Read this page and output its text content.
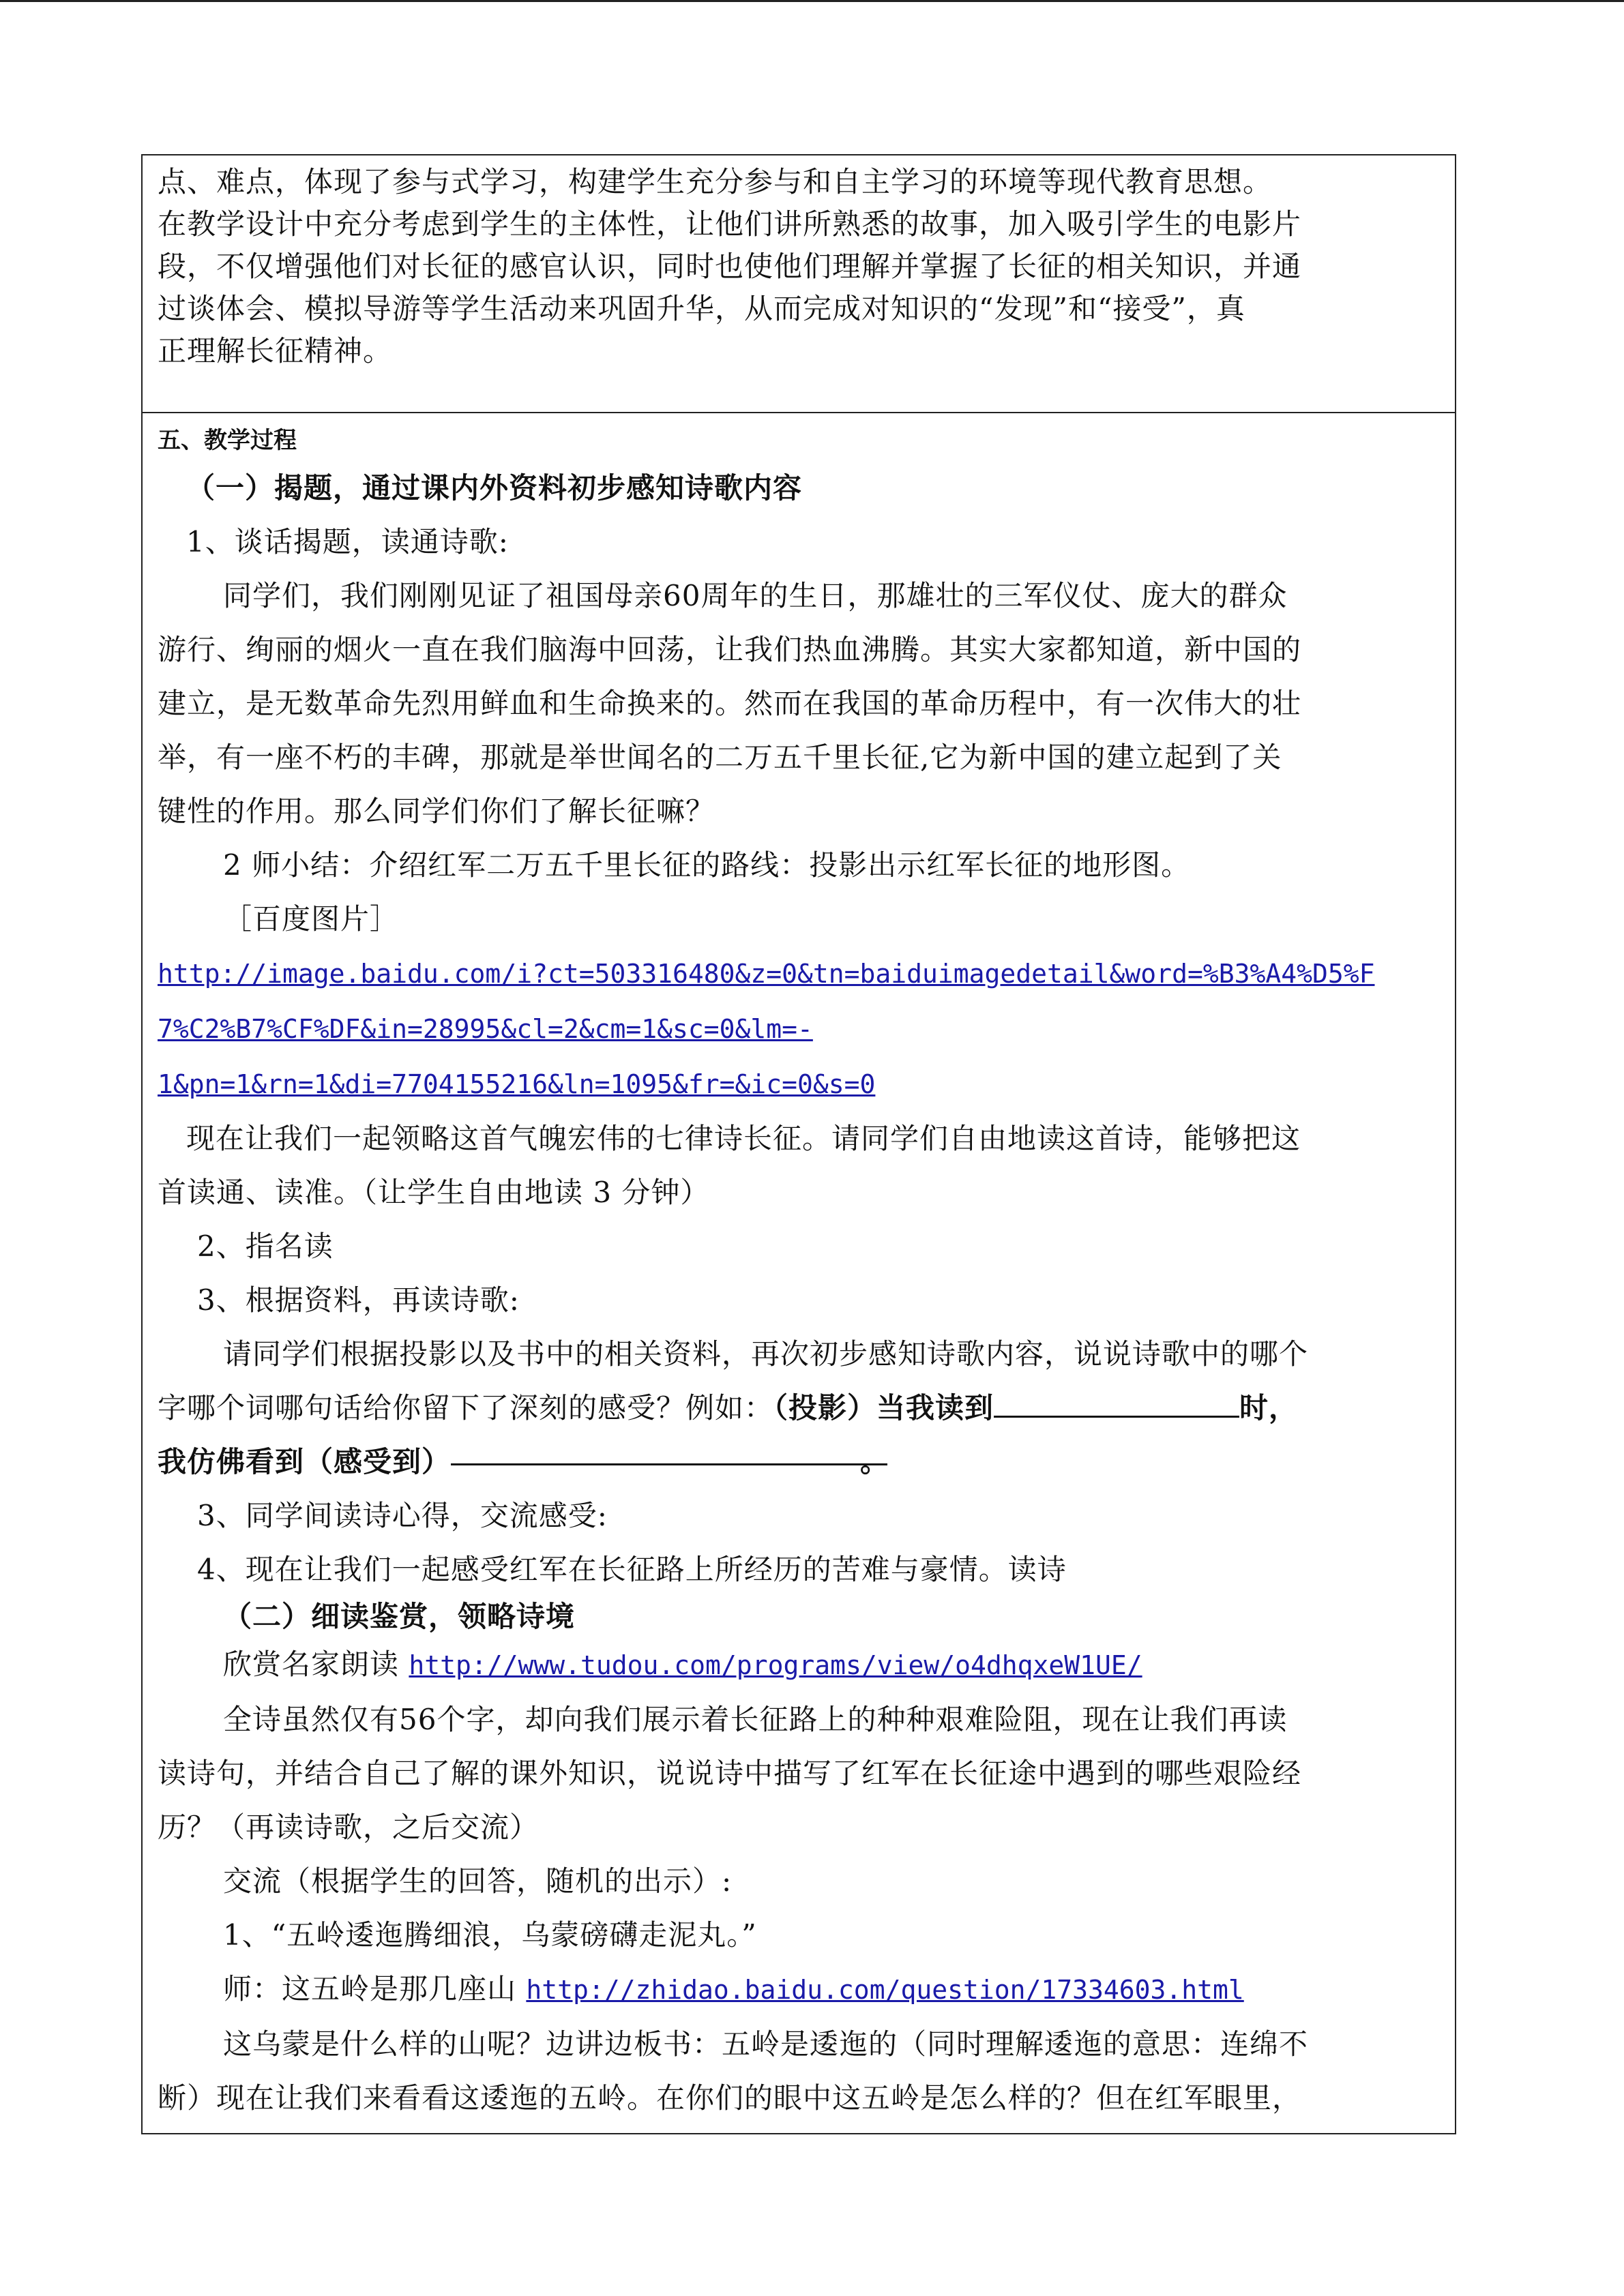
点、难点，体现了参与式学习，构建学生充分参与和自主学习的环境等现代教育思想。

在教学设计中充分考虑到学生的主体性，让他们讲所熟悉的故事，加入吸引学生的电影片

段，不仅增强他们对长征的感官认识，同时也使他们理解并掌握了长征的相关知识，并通

过谈体会、模拟导游等学生活动来巩固升华，从而完成对知识的“发现”和“接受”，真

正理解长征精神。

五、教学过程

（一）揭题，通过课内外资料初步感知诗歌内容

1、谈话揭题，读通诗歌:

同学们，我们刚刚见证了祖国母亲60周年的生日，那雄壮的三军仪仗、庞大的群众

游行、绚丽的烟火一直在我们脑海中回荡，让我们热血沸腾。其实大家都知道，新中国的

建立，是无数革命先烈用鲜血和生命换来的。然而在我国的革命历程中，有一次伟大的壮

举，有一座不朽的丰碑，那就是举世闻名的二万五千里长征,它为新中国的建立起到了关

键性的作用。那么同学们你们了解长征嘛？

2 师小结：介绍红军二万五千里长征的路线：投影出示红军长征的地形图。

［百度图片］

http://image.baidu.com/i?ct=503316480&z=0&tn=baiduimagedetail&word=%B3%A4%D5%F

7%C2%B7%CF%DF&in=28995&cl=2&cm=1&sc=0&lm=-

1&pn=1&rn=1&di=7704155216&ln=1095&fr=&ic=0&s=0

现在让我们一起领略这首气魄宏伟的七律诗长征。请同学们自由地读这首诗，能够把这

首读通、读准。（让学生自由地读 3 分钟）

2、指名读

3、根据资料，再读诗歌:

请同学们根据投影以及书中的相关资料，再次初步感知诗歌内容，说说诗歌中的哪个

字哪个词哪句话给你留下了深刻的感受？例如：（投影）当我读到	时，

我仿佛看到（感受到）	。

3、同学间读诗心得，交流感受:

4、现在让我们一起感受红军在长征路上所经历的苦难与豪情。读诗

（二）细读鉴赏，领略诗境

欣赏名家朗读 http://www.tudou.com/programs/view/o4dhqxeW1UE/

全诗虽然仅有56个字，却向我们展示着长征路上的种种艰难险阻，现在让我们再读

读诗句，并结合自己了解的课外知识，说说诗中描写了红军在长征途中遇到的哪些艰险经

历？（再读诗歌，之后交流）

交流（根据学生的回答，随机的出示）:

1、“五岭逶迤腾细浪，乌蒙磅礴走泥丸。”

师：这五岭是那几座山 http://zhidao.baidu.com/question/17334603.html

这乌蒙是什么样的山呢？边讲边板书：五岭是逶迤的（同时理解逶迤的意思：连绵不

断）现在让我们来看看这逶迤的五岭。在你们的眼中这五岭是怎么样的？但在红军眼里，
